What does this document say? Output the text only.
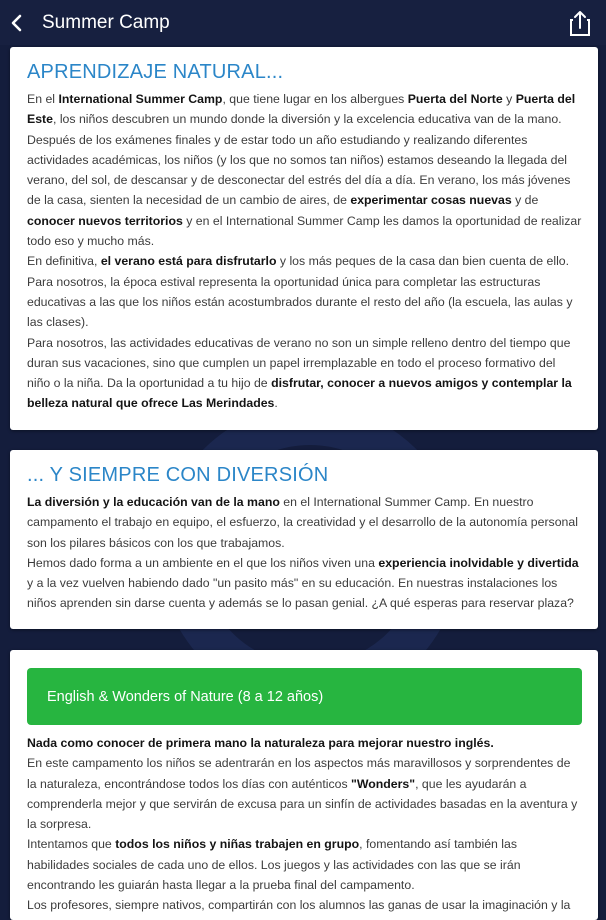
Summer Camp
APRENDIZAJE NATURAL...

En el International Summer Camp, que tiene lugar en los albergues Puerta del Norte y Puerta del Este, los niños descubren un mundo donde la diversión y la excelencia educativa van de la mano.

Después de los exámenes finales y de estar todo un año estudiando y realizando diferentes actividades académicas, los niños (y los que no somos tan niños) estamos deseando la llegada del verano, del sol, de descansar y de desconectar del estrés del día a día. En verano, los más jóvenes de la casa, sienten la necesidad de un cambio de aires, de experimentar cosas nuevas y de conocer nuevos territorios y en el International Summer Camp les damos la oportunidad de realizar todo eso y mucho más.

En definitiva, el verano está para disfrutarlo y los más peques de la casa dan bien cuenta de ello. Para nosotros, la época estival representa la oportunidad única para completar las estructuras educativas a las que los niños están acostumbrados durante el resto del año (la escuela, las aulas y las clases).

Para nosotros, las actividades educativas de verano no son un simple relleno dentro del tiempo que duran sus vacaciones, sino que cumplen un papel irremplazable en todo el proceso formativo del niño o la niña. Da la oportunidad a tu hijo de disfrutar, conocer a nuevos amigos y contemplar la belleza natural que ofrece Las Merindades.

... Y SIEMPRE CON DIVERSIÓN

La diversión y la educación van de la mano en el International Summer Camp. En nuestro campamento el trabajo en equipo, el esfuerzo, la creatividad y el desarrollo de la autonomía personal son los pilares básicos con los que trabajamos.

Hemos dado forma a un ambiente en el que los niños viven una experiencia inolvidable y divertida y a la vez vuelven habiendo dado "un pasito más" en su educación. En nuestras instalaciones los niños aprenden sin darse cuenta y además se lo pasan genial. ¿A qué esperas para reservar plaza?

English & Wonders of Nature (8 a 12 años)

Nada como conocer de primera mano la naturaleza para mejorar nuestro inglés.

En este campamento los niños se adentrarán en los aspectos más maravillosos y sorprendentes de la naturaleza, encontrándose todos los días con auténticos "Wonders", que les ayudarán a comprenderla mejor y que servirán de excusa para un sinfín de actividades basadas en la aventura y la sorpresa.

Intentamos que todos los niños y niñas trabajen en grupo, fomentando así también las habilidades sociales de cada uno de ellos. Los juegos y las actividades con las que se irán encontrando les guiarán hasta llegar a la prueba final del campamento.

Los profesores, siempre nativos, compartirán con los alumnos las ganas de usar la imaginación y la
